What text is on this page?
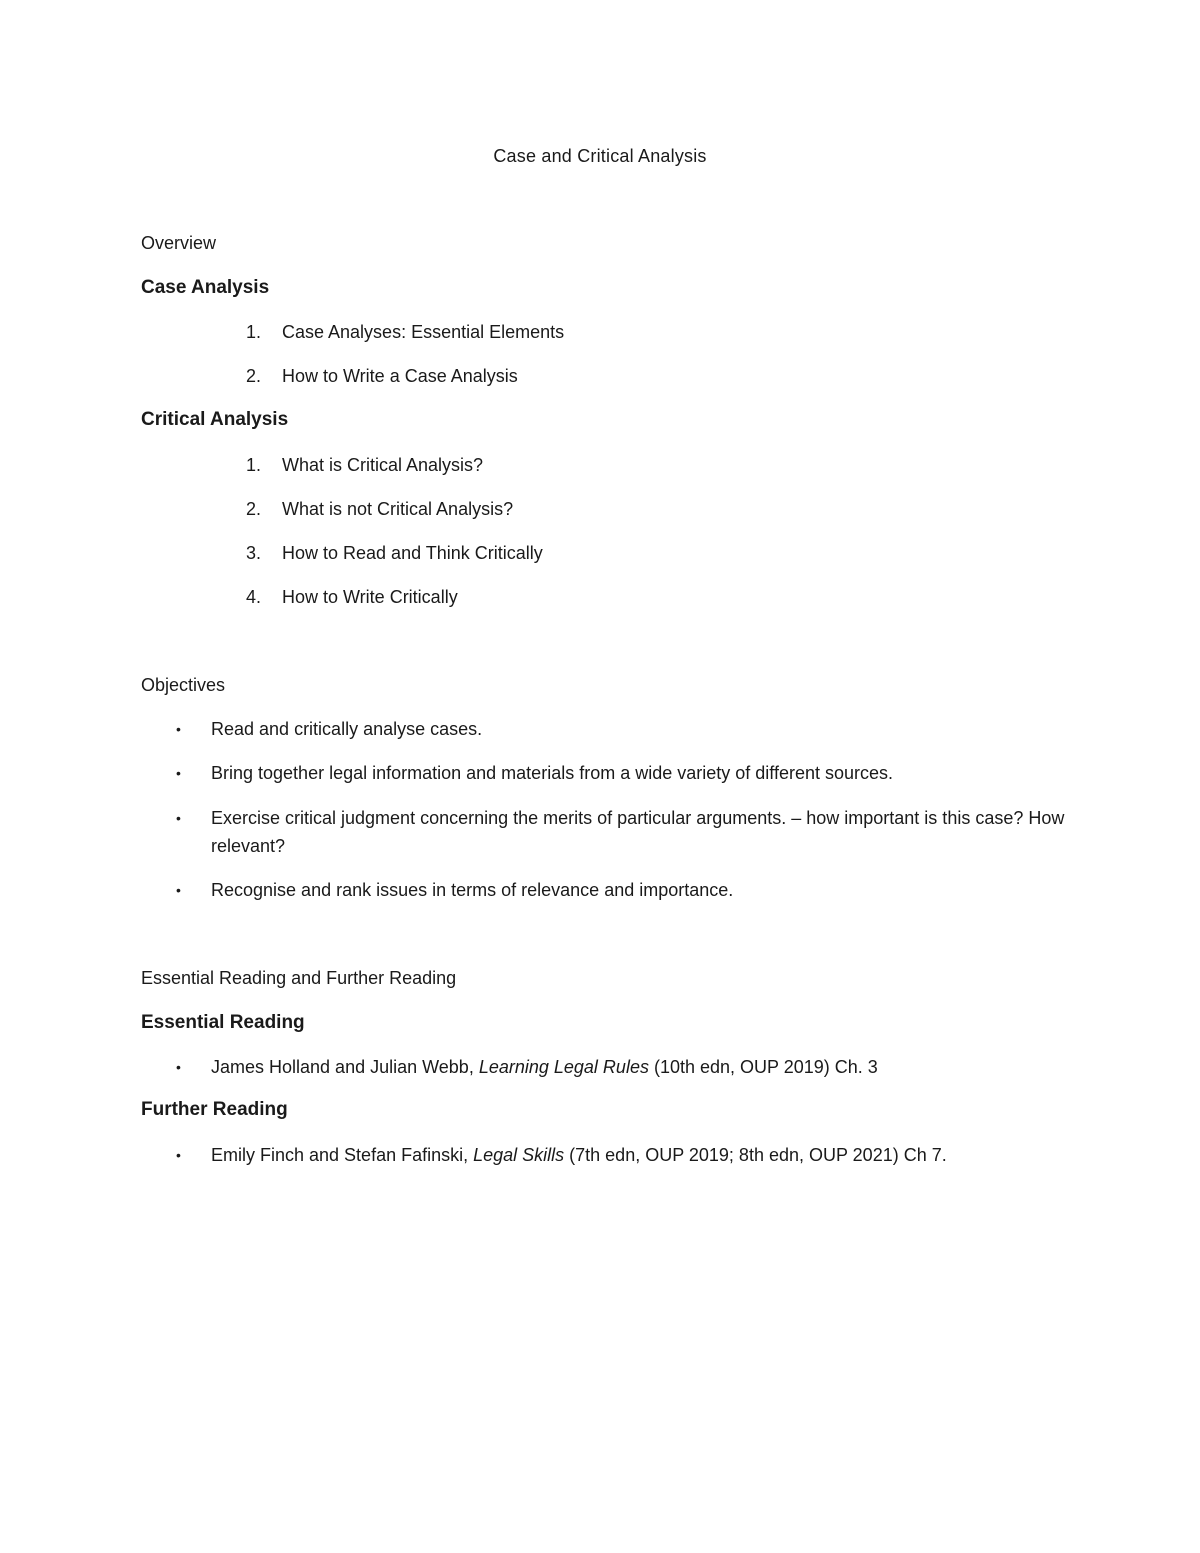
Case and Critical Analysis
Overview
Case Analysis
1. Case Analyses: Essential Elements
2. How to Write a Case Analysis
Critical Analysis
1. What is Critical Analysis?
2. What is not Critical Analysis?
3. How to Read and Think Critically
4. How to Write Critically
Objectives
• Read and critically analyse cases.
• Bring together legal information and materials from a wide variety of different sources.
• Exercise critical judgment concerning the merits of particular arguments. – how important is this case? How relevant?
• Recognise and rank issues in terms of relevance and importance.
Essential Reading and Further Reading
Essential Reading
• James Holland and Julian Webb, Learning Legal Rules (10th edn, OUP 2019) Ch. 3
Further Reading
• Emily Finch and Stefan Fafinski, Legal Skills (7th edn, OUP 2019; 8th edn, OUP 2021) Ch 7.
